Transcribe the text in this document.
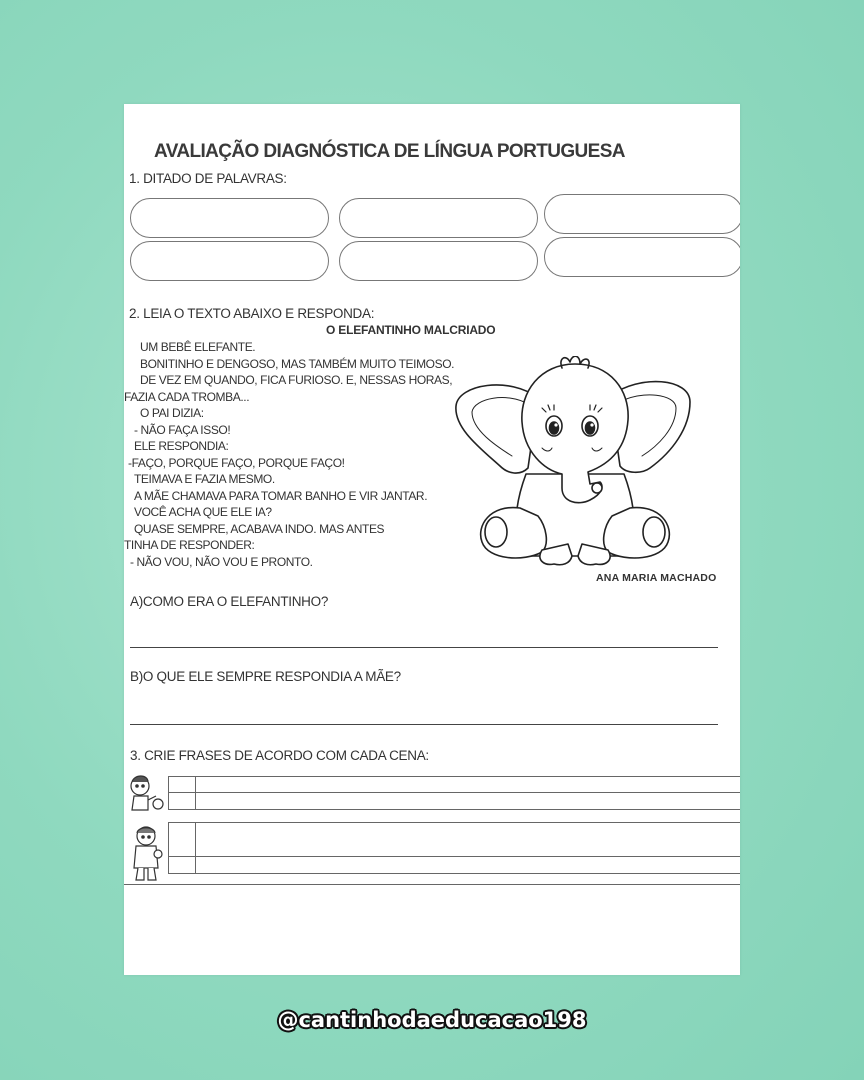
AVALIAÇÃO DIAGNÓSTICA DE LÍNGUA PORTUGUESA
1. DITADO DE PALAVRAS:
2. LEIA O TEXTO ABAIXO E RESPONDA:
O ELEFANTINHO MALCRIADO
UM BEBÊ ELEFANTE.
BONITINHO E DENGOSO, MAS TAMBÉM MUITO TEIMOSO.
DE VEZ EM QUANDO, FICA FURIOSO. E, NESSAS HORAS,
FAZIA CADA TROMBA...
O PAI DIZIA:
- NÃO FAÇA ISSO!
ELE RESPONDIA:
-FAÇO, PORQUE FAÇO, PORQUE FAÇO!
TEIMAVA E FAZIA MESMO.
A MÃE CHAMAVA PARA TOMAR BANHO E VIR JANTAR.
VOCÊ ACHA QUE ELE IA?
QUASE SEMPRE, ACABAVA INDO. MAS ANTES
TINHA DE RESPONDER:
- NÃO VOU, NÃO VOU E PRONTO.
ANA MARIA MACHADO
A)COMO ERA O ELEFANTINHO?
B)O QUE ELE SEMPRE RESPONDIA A MÃE?
3. CRIE FRASES DE ACORDO COM CADA CENA:
@cantinhodaeducacao198
